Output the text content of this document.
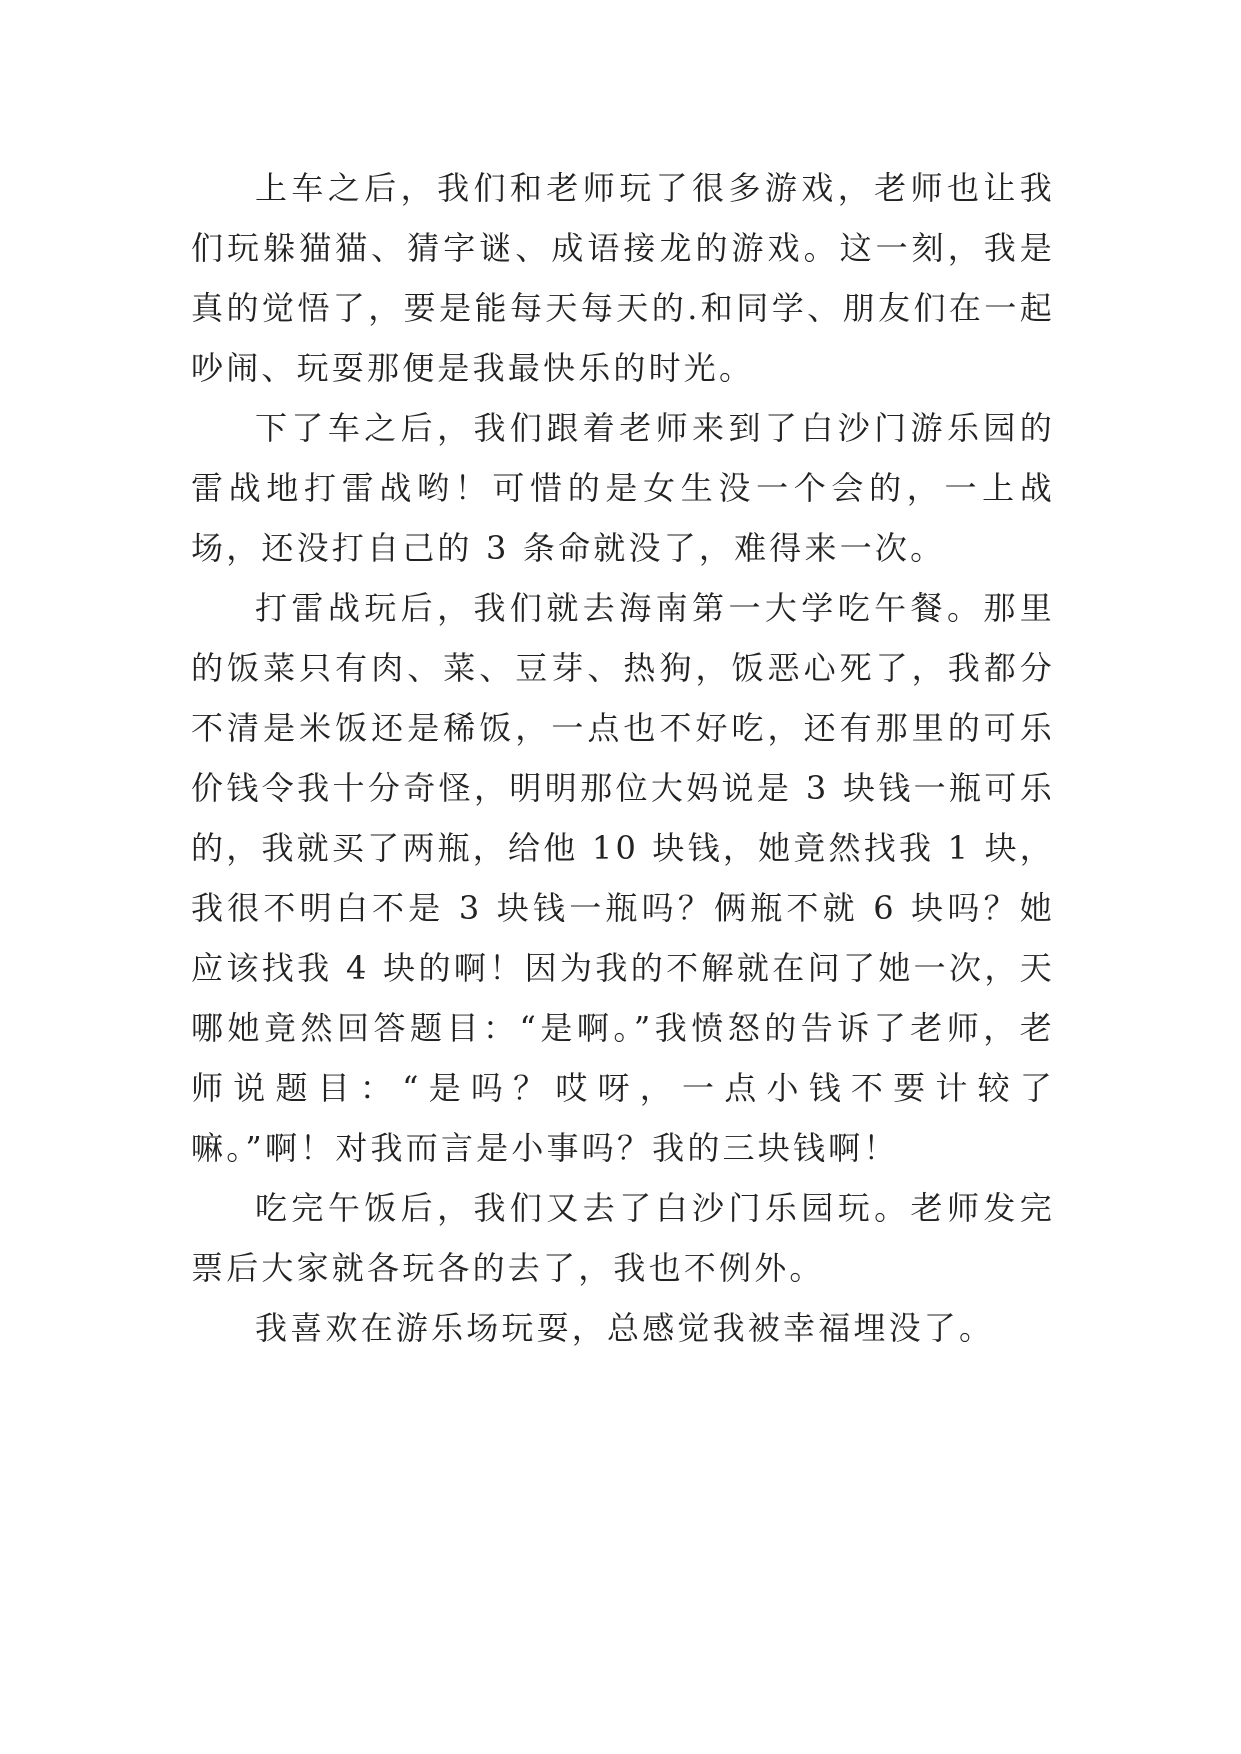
上车之后，我们和老师玩了很多游戏，老师也让我们玩躲猫猫、猜字谜、成语接龙的游戏。这一刻，我是真的觉悟了，要是能每天每天的.和同学、朋友们在一起吵闹、玩耍那便是我最快乐的时光。

下了车之后，我们跟着老师来到了白沙门游乐园的雷战地打雷战哟！可惜的是女生没一个会的，一上战场，还没打自己的 3 条命就没了，难得来一次。

打雷战玩后，我们就去海南第一大学吃午餐。那里的饭菜只有肉、菜、豆芽、热狗，饭恶心死了，我都分不清是米饭还是稀饭，一点也不好吃，还有那里的可乐价钱令我十分奇怪，明明那位大妈说是 3 块钱一瓶可乐的，我就买了两瓶，给他 10 块钱，她竟然找我 1 块，我很不明白不是 3 块钱一瓶吗？俩瓶不就 6 块吗？她应该找我 4 块的啊！因为我的不解就在问了她一次，天哪她竟然回答题目：“是啊。”我愤怒的告诉了老师，老师说题目：“是吗？哎呀，一点小钱不要计较了嘛。”啊！对我而言是小事吗？我的三块钱啊！

吃完午饭后，我们又去了白沙门乐园玩。老师发完票后大家就各玩各的去了，我也不例外。

我喜欢在游乐场玩耍，总感觉我被幸福埋没了。
